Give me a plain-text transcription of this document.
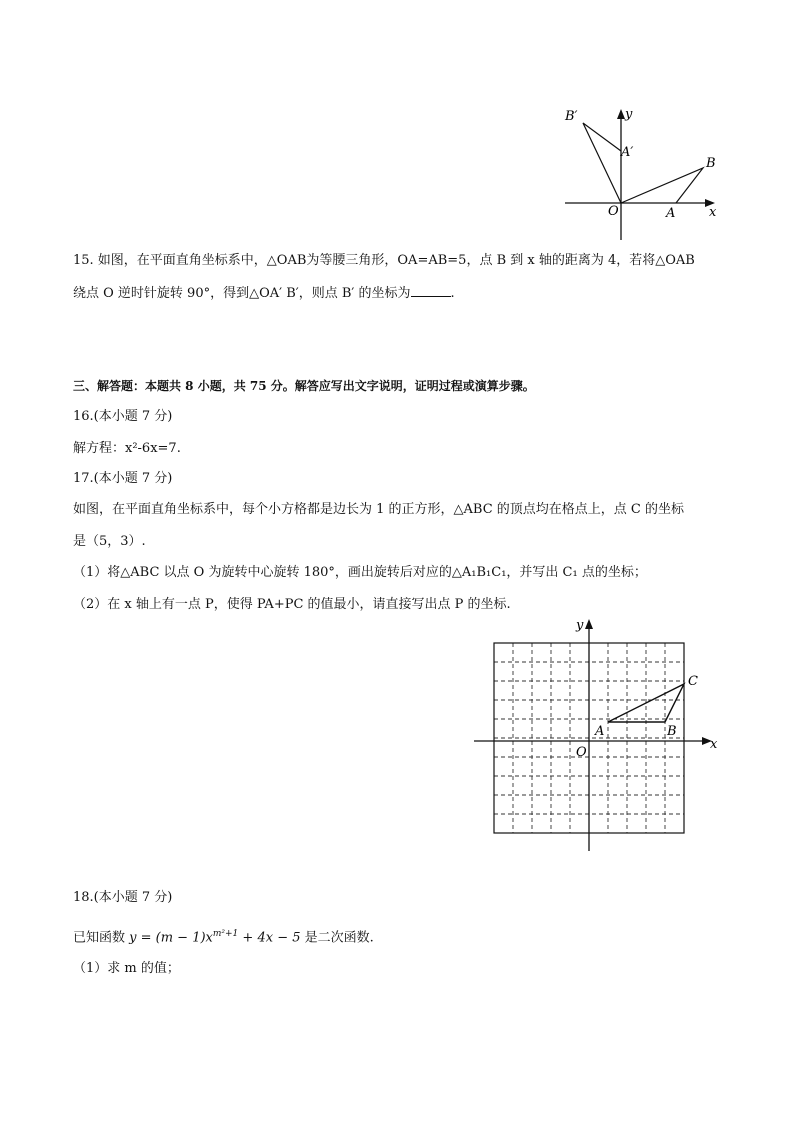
B′	y
A′
B
O	A	x
15. 如图，在平面直角坐标系中，△OAB为等腰三角形，OA=AB=5，点 B 到 x 轴的距离为 4，若将△OAB
绕点 O 逆时针旋转 90°，得到△OA′ B′，则点 B′ 的坐标为	.
三、解答题：本题共 8 小题，共 75 分。解答应写出文字说明，证明过程或演算步骤。
16.(本小题 7 分)
解方程：x²-6x=7.
17.(本小题 7 分)
如图，在平面直角坐标系中，每个小方格都是边长为 1 的正方形，△ABC 的顶点均在格点上，点 C 的坐标
是（5，3）.
（1）将△ABC 以点 O 为旋转中心旋转 180°，画出旋转后对应的△A₁B₁C₁，并写出 C₁ 点的坐标；
（2）在 x 轴上有一点 P，使得 PA+PC 的值最小，请直接写出点 P 的坐标.
y
x
O
A	B
C
18.(本小题 7 分)
已知函数 $y = (m - 1)x^{m^2+1} + 4x - 5$ 是二次函数.
（1）求 m 的值；
